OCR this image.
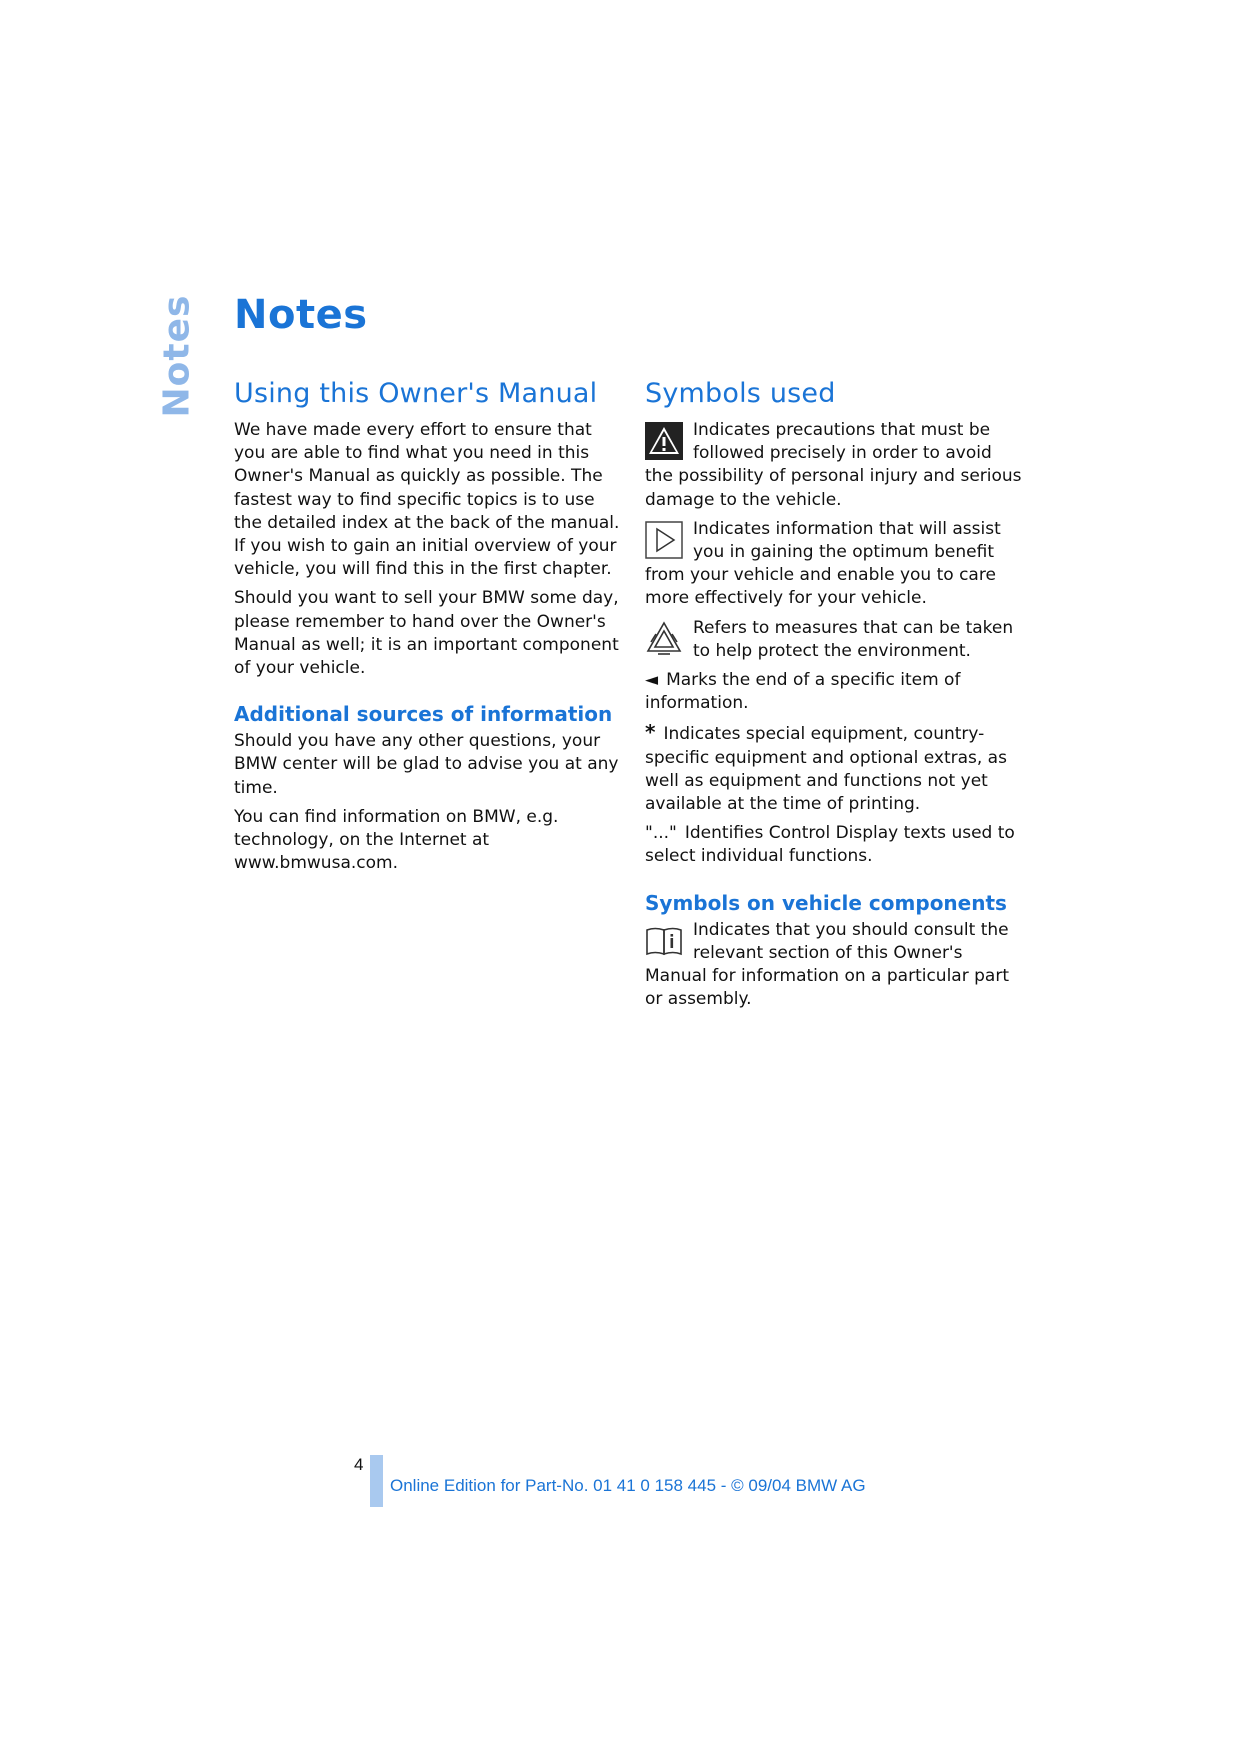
Notes Notes
Using this Owner's Manual

We have made every effort to ensure that you are able to find what you need in this Owner's Manual as quickly as possible. The fastest way to find specific topics is to use the detailed index at the back of the manual. If you wish to gain an initial overview of your vehicle, you will find this in the first chapter.

Should you want to sell your BMW some day, please remember to hand over the Owner's Manual as well; it is an important component of your vehicle.

Additional sources of information

Should you have any other questions, your BMW center will be glad to advise you at any time.

You can find information on BMW, e.g. technology, on the Internet at www.bmwusa.com.

Symbols used
Indicates precautions that must be followed precisely in order to avoid the possibility of personal injury and serious damage to the vehicle.
Indicates information that will assist you in gaining the optimum benefit from your vehicle and enable you to care more effectively for your vehicle.
Refers to measures that can be taken to help protect the environment.
◄ Marks the end of a specific item of information.
* Indicates special equipment, country-specific equipment and optional extras, as well as equipment and functions not yet available at the time of printing.
"..." Identifies Control Display texts used to select individual functions.
Symbols on vehicle components
Indicates that you should consult the relevant section of this Owner's Manual for information on a particular part or assembly.
4
Online Edition for Part-No. 01 41 0 158 445 - © 09/04 BMW AG
